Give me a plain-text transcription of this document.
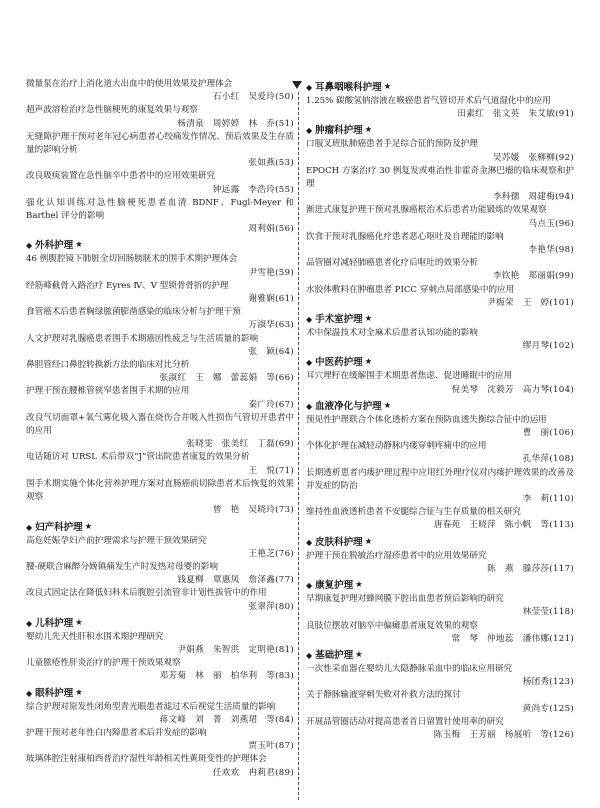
微量泵在治疗上消化道大出血中的使用效果及护理体会
石小红　吴爱玲(50)
超声波溶栓治疗急性脑梗死的康复效果与观察
杨清泉　周婷婷　林　乔(51)
无缝隙护理干预对老年冠心病患者心绞痛发作情况、预后效果及生存质量的影响分析
张如燕(53)
改良吸痰装置在急性脑卒中患者中的应用效果研究
钟远露　李浩玲(55)
强化认知训练对急性脑梗死患者血清 BDNF、Fugl-Meyer 和 Barthel 评分的影响
周利娟(56)
◆ 外科护理 ★
46 例腹腔镜下肺脏全切回肠膀胱术的围手术期护理体会
尹雪艳(59)
经筋峰截骨入路治疗 Eyres Ⅳ、Ⅴ 型锁骨骨折的护理
谢雅娴(61)
食管癌术后患者胸绿脓菌膨凿感染的临床分析与护理干预
万淑华(63)
人文护理对乳腺癌患者围手术期癌因性疲乏与生活质量的影响
张　颖(64)
鼻胆管经口鼻腔转换新方法的临床对比分析
张淑红　王　娜　蕾蕊娟　等(66)
护理干预在腰椎管狭窄患者围手术期的应用
秦广玲(67)
改良气切面罩+氧气雾化吸入器在烧伤合并吸入性损伤气管切开患者中的应用
张晓雯　张美红　丁磊(69)
电话随访对 URSL 术后带双“J”管出院患者康复的效果分析
王　悦(71)
围手术期实施个体化营养护理方案对直肠癌前切除患者术后恢复的效果观察
曾　艳　吴晓玲(73)
◆ 妇产科护理 ★
高危妊娠孕妇产前护理需求与护理干预效果研究
王艳芝(76)
腰-硬联合麻醉分娩镇痛发生产时发热对母婴的影响
钱夏柳　覃惠凤　詹泽鑫(77)
改良式固定法在降低妇科术后腹腔引流管非计划性拔管中的作用
张翠萍(80)
◆ 儿科护理 ★
婴幼儿先天性肝积水围术期护理研究
尹娟燕　朱智洪　定明艳(81)
儿童脓疮性肝炎治疗的护理干预效果观察
邓芳菊　林　丽　柏华利　等(83)
◆ 眼科护理 ★
综合护理对原发性闭角型青光眼患者滤过术后视觉生活质量的影响
蒋文峰　刘　菁　刘燕珺　等(84)
护理干预对老年性白内障患者术后并发症的影响
贾玉叶(87)
玻璃体腔注射康柏西普治疗湿性年龄相关性黄斑变性的护理体会
任欢欢　冉莉君(89)
◆ 耳鼻咽喉科护理 ★
1.25% 碳酸氢钠溶液在喉癌患者气管切开术后气道湿化中的应用
田素红　张文英　朱艾敏(91)
◆ 肿瘤科护理 ★
口服叉班肽肺癌患者手足综合征的预防及护理
吴苏媛　张柳柳(92)
EPOCH 方案治疗 30 例复发或难治性非霍奇金淋巴瘤的临床观察和护理
李科孺　周建梅(94)
渐进式康复护理干预对乳腺癌根治术后患者功能锻炼的效果观察
马点玉(96)
饮食干预对乳腺癌化疗患者恶心呕吐及自理能的影响
李艳华(98)
品管圈对减轻肺癌患者化疗后呕吐的效果分析
李钦艳　郑丽娟(99)
水胶体敷料在肿瘤患者 PICC 穿刺点局部感染中的应用
尹梅荣　王　婷(101)
◆ 手术室护理 ★
术中保温技术对全麻术后患者认知功能的影响
缪月琴(102)
◆ 中医药护理 ★
耳穴埋籽在缓解围手术期患者焦虑、促进睡眠中的应用
倪美琴　沈毅芳　高力琴(104)
◆ 血液净化与护理 ★
预见性护理联合个体化透析方案在预防血透失衡综合征中的运用
曹　丽(106)
个体化护理在减轻动静脉内瘘穿刺疼痛中的应用
孔华萍(108)
长期透析患者内瘘护理过程中应用红外理疗仪对内瘘护理效果的改善及并发症的防治
李　莉(110)
维持性血液透析患者不安腿综合征与生存质量的相关研究
唐春苑　王晓萍　陈小帆　等(113)
◆ 皮肤科护理 ★
护理干预在脱敏治疗湿疹患者中的应用效果研究
陈　燕　滕莎莎(117)
◆ 康复护理 ★
早期康复护理对蜂网膜下腔出血患者预后影响的研究
林莹莹(118)
良肢位摆放对脑卒中偏瘫患者康复效果的观察
常　琴　仲地蕊　潘伟娜(121)
◆ 基础护理 ★
一次性采血器在婴幼儿大隐静脉采血中的临床应用研究
杨团秀(123)
关于静脉输液穿刺失败对补救方法的探讨
黄尚专(125)
开展品管圈活动对提高患者首日留置针使用率的研究
陈玉梅　王芳丽　杨展听　等(126)
